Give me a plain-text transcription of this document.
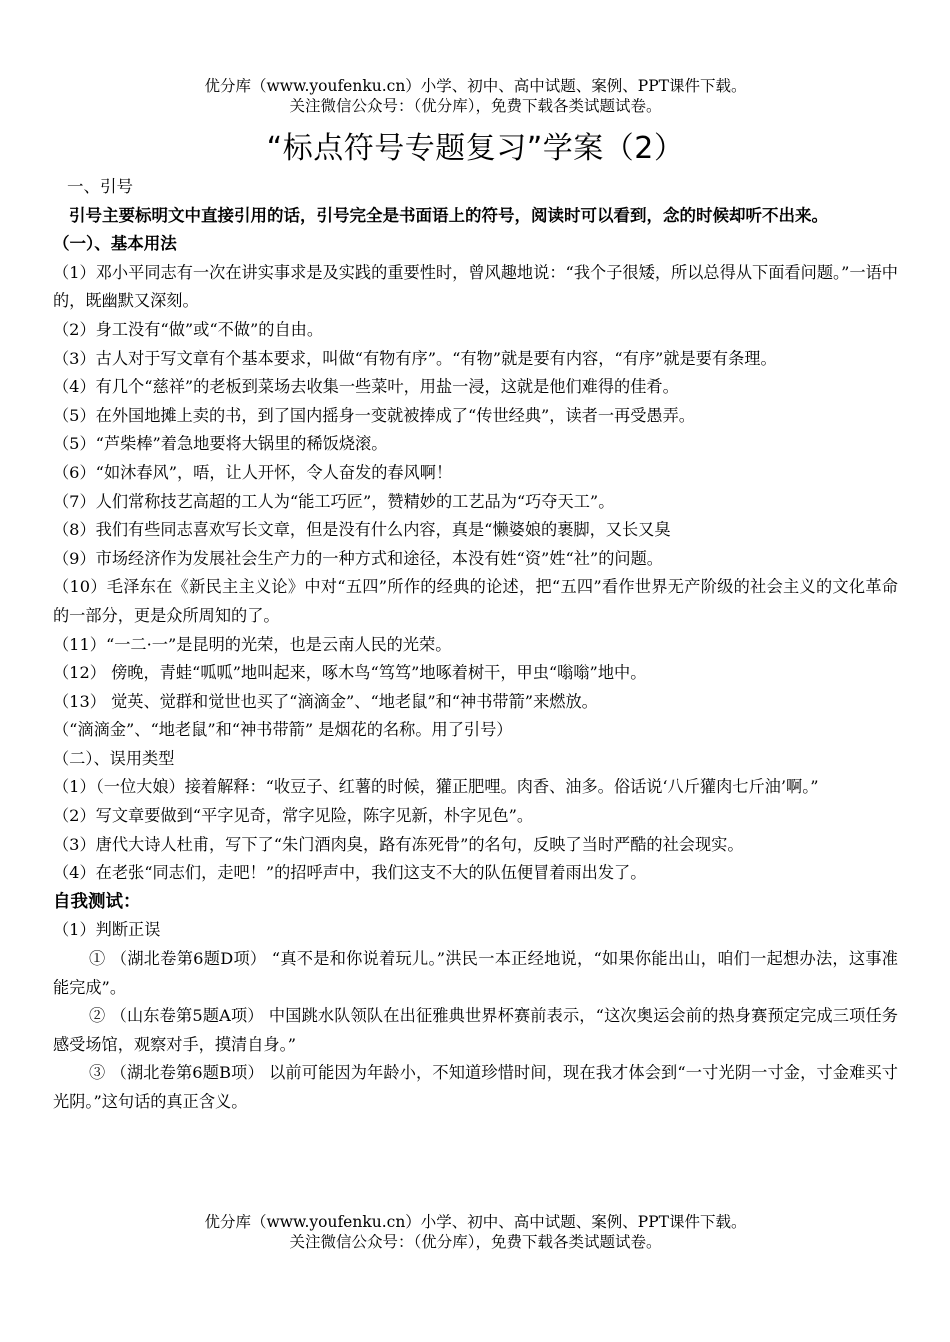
优分库（www.youfenku.cn）小学、初中、高中试题、案例、PPT课件下载。
关注微信公众号：（优分库），免费下载各类试题试卷。
“标点符号专题复习”学案（2）
一、引号
引号主要标明文中直接引用的话，引号完全是书面语上的符号，阅读时可以看到，念的时候却听不出来。
（一）、基本用法
（1）邓小平同志有一次在讲实事求是及实践的重要性时，曾风趣地说：“我个子很矮，所以总得从下面看问题。”一语中的，既幽默又深刻。
（2）身工没有“做”或“不做”的自由。
（3）古人对于写文章有个基本要求，叫做“有物有序”。“有物”就是要有内容，“有序”就是要有条理。
（4）有几个“慈祥”的老板到菜场去收集一些菜叶，用盐一浸，这就是他们难得的佳肴。
（5）在外国地摊上卖的书，到了国内摇身一变就被捧成了“传世经典”，读者一再受愚弄。
（5）“芦柴棒”着急地要将大锅里的稀饭烧滚。
（6）“如沐春风”，唔，让人开怀，令人奋发的春风啊！
（7）人们常称技艺高超的工人为“能工巧匠”，赞精妙的工艺品为“巧夺天工”。
（8）我们有些同志喜欢写长文章，但是没有什么内容，真是“懒婆娘的裹脚，又长又臭
（9）市场经济作为发展社会生产力的一种方式和途径，本没有姓“资”姓“社”的问题。
（10）毛泽东在《新民主主义论》中对“五四”所作的经典的论述，把“五四”看作世界无产阶级的社会主义的文化革命的一部分，更是众所周知的了。
（11）“一二·一”是昆明的光荣，也是云南人民的光荣。
（12） 傍晚，青蛙“呱呱”地叫起来，啄木鸟“笃笃”地啄着树干，甲虫“嗡嗡”地中。
（13） 觉英、觉群和觉世也买了“滴滴金”、“地老鼠”和“神书带箭”来燃放。
（“滴滴金”、“地老鼠”和“神书带箭” 是烟花的名称。用了引号）
（二）、误用类型
（1）（一位大娘）接着解释：“收豆子、红薯的时候，獾正肥哩。肉香、油多。俗话说‘八斤獾肉七斤油’啊。”
（2）写文章要做到“平字见奇，常字见险，陈字见新，朴字见色”。
（3）唐代大诗人杜甫，写下了“朱门酒肉臭，路有冻死骨”的名句，反映了当时严酷的社会现实。
（4）在老张“同志们，走吧！”的招呼声中，我们这支不大的队伍便冒着雨出发了。
自我测试：
（1）判断正误
① （湖北卷第6题D项） “真不是和你说着玩儿。”洪民一本正经地说，“如果你能出山，咱们一起想办法，这事准能完成”。
② （山东卷第5题A项） 中国跳水队领队在出征雅典世界杯赛前表示，“这次奥运会前的热身赛预定完成三项任务感受场馆，观察对手，摸清自身。”
③ （湖北卷第6题B项） 以前可能因为年龄小，不知道珍惜时间，现在我才体会到“一寸光阴一寸金，寸金难买寸光阴。”这句话的真正含义。
优分库（www.youfenku.cn）小学、初中、高中试题、案例、PPT课件下载。
关注微信公众号：（优分库），免费下载各类试题试卷。
